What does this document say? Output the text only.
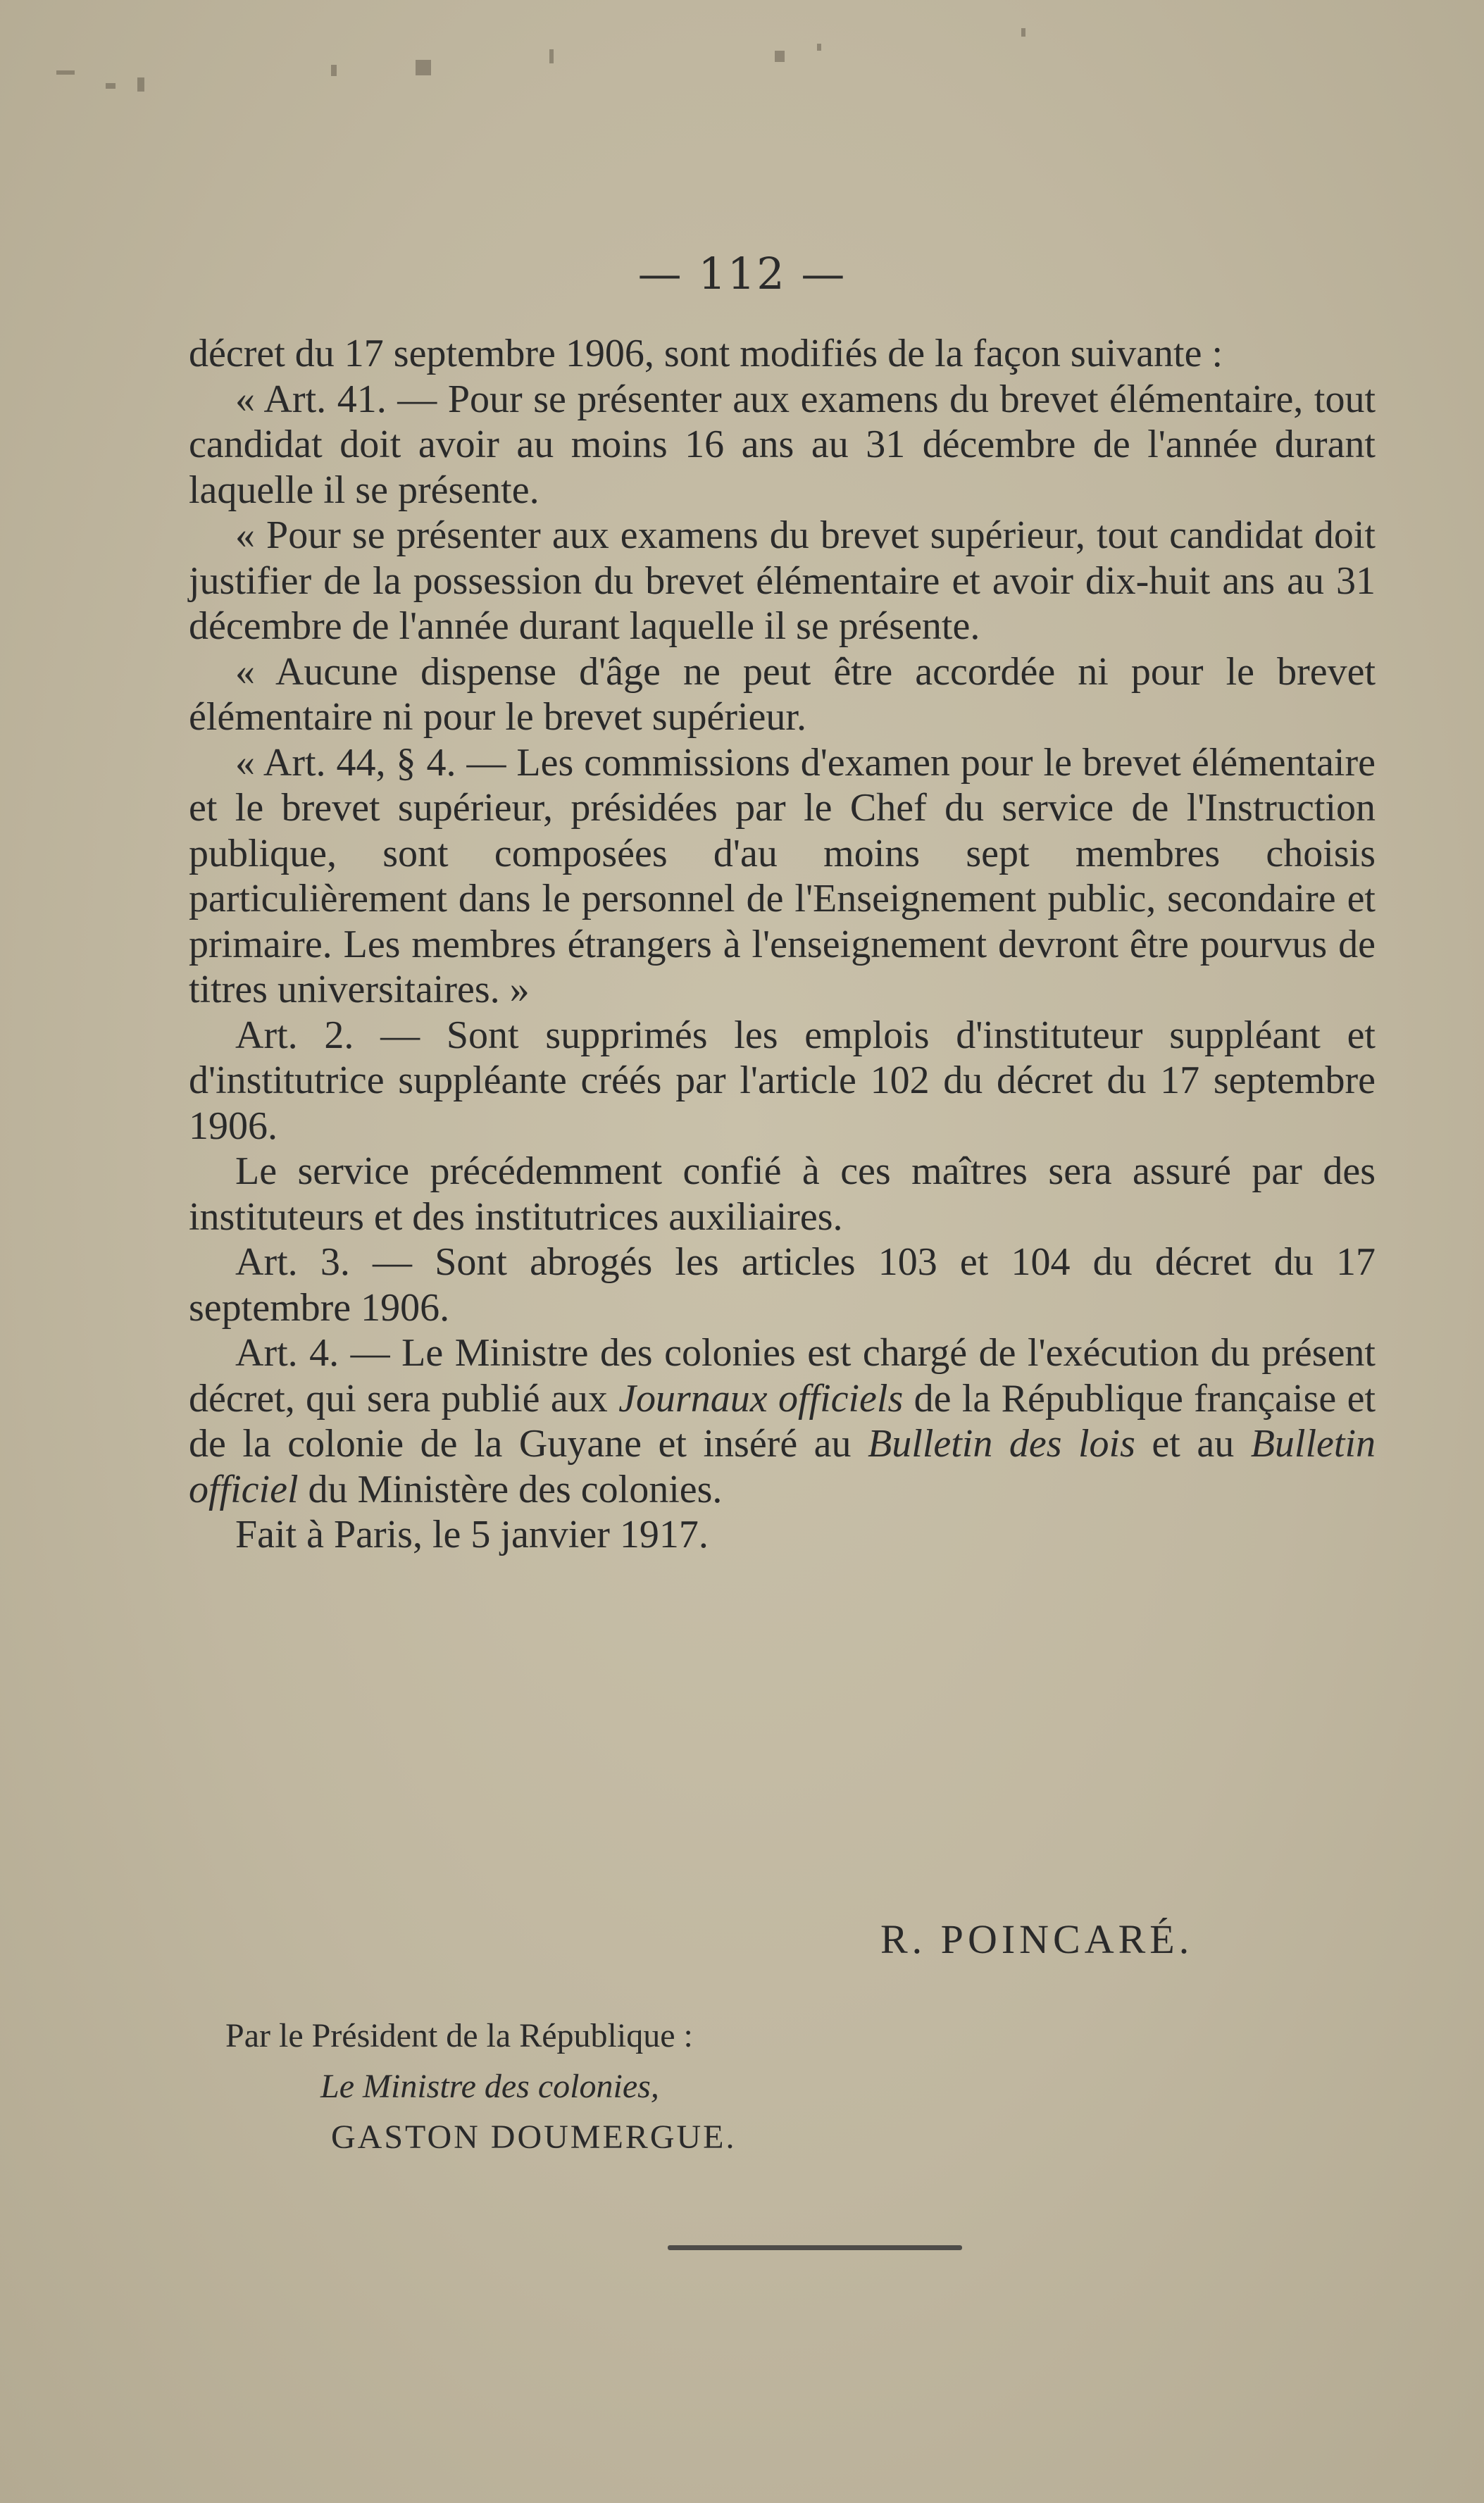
— 112 —

décret du 17 septembre 1906, sont modifiés de la façon suivante :

« Art. 41. — Pour se présenter aux examens du brevet élémentaire, tout candidat doit avoir au moins 16 ans au 31 décembre de l'année durant laquelle il se présente.

« Pour se présenter aux examens du brevet supérieur, tout candidat doit justifier de la possession du brevet élémentaire et avoir dix-huit ans au 31 décembre de l'année durant laquelle il se présente.

« Aucune dispense d'âge ne peut être accordée ni pour le brevet élémentaire ni pour le brevet supérieur.

« Art. 44, § 4. — Les commissions d'examen pour le brevet élémentaire et le brevet supérieur, présidées par le Chef du service de l'Instruction publique, sont composées d'au moins sept membres choisis particulièrement dans le personnel de l'Enseignement public, secondaire et primaire. Les membres étrangers à l'enseignement devront être pourvus de titres universitaires. »

Art. 2. — Sont supprimés les emplois d'instituteur suppléant et d'institutrice suppléante créés par l'article 102 du décret du 17 septembre 1906.

Le service précédemment confié à ces maîtres sera assuré par des instituteurs et des institutrices auxiliaires.

Art. 3. — Sont abrogés les articles 103 et 104 du décret du 17 septembre 1906.

Art. 4. — Le Ministre des colonies est chargé de l'exécution du présent décret, qui sera publié aux Journaux officiels de la République française et de la colonie de la Guyane et inséré au Bulletin des lois et au Bulletin officiel du Ministère des colonies.

Fait à Paris, le 5 janvier 1917.

R. POINCARÉ.
Par le Président de la République :
Le Ministre des colonies,
GASTON DOUMERGUE.
